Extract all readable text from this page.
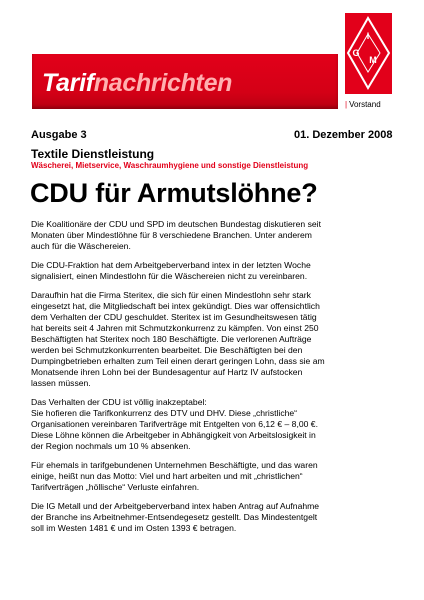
Tarifnachrichten
I
G
M
| Vorstand
Ausgabe 3	01. Dezember 2008
Textile Dienstleistung
Wäscherei, Mietservice, Waschraumhygiene und sonstige Dienstleistung
CDU für Armutslöhne?
Die Koalitionäre der CDU und SPD im deutschen Bundestag diskutieren seit
Monaten über Mindestlöhne für 8 verschiedene Branchen. Unter anderem
auch für die Wäschereien.
Die CDU-Fraktion hat dem Arbeitgeberverband intex in der letzten Woche
signalisiert, einen Mindestlohn für die Wäschereien nicht zu vereinbaren.
Daraufhin hat die Firma Steritex, die sich für einen Mindestlohn sehr stark
eingesetzt hat, die Mitgliedschaft bei intex gekündigt. Dies war offensichtlich
dem Verhalten der CDU geschuldet. Steritex ist im Gesundheitswesen tätig
hat bereits seit 4 Jahren mit Schmutzkonkurrenz zu kämpfen. Von einst 250
Beschäftigten hat Steritex noch 180 Beschäftigte. Die verlorenen Aufträge
werden bei Schmutzkonkurrenten bearbeitet. Die Beschäftigten bei den
Dumpingbetrieben erhalten zum Teil einen derart geringen Lohn, dass sie am
Monatsende ihren Lohn bei der Bundesagentur auf Hartz IV aufstocken
lassen müssen.
Das Verhalten der CDU ist völlig inakzeptabel:
Sie hofieren die Tarifkonkurrenz des DTV und DHV. Diese „christliche“
Organisationen vereinbaren Tarifverträge mit Entgelten von 6,12 € – 8,00 €.
Diese Löhne können die Arbeitgeber in Abhängigkeit von Arbeitslosigkeit in
der Region nochmals um 10 % absenken.
Für ehemals in tarifgebundenen Unternehmen Beschäftigte, und das waren
einige, heißt nun das Motto: Viel und hart arbeiten und mit „christlichen“
Tarifverträgen „höllische“ Verluste einfahren.
Die IG Metall und der Arbeitgeberverband intex haben Antrag auf Aufnahme
der Branche ins Arbeitnehmer-Entsendegesetz gestellt. Das Mindestentgelt
soll im Westen 1481 € und im Osten 1393 € betragen.
